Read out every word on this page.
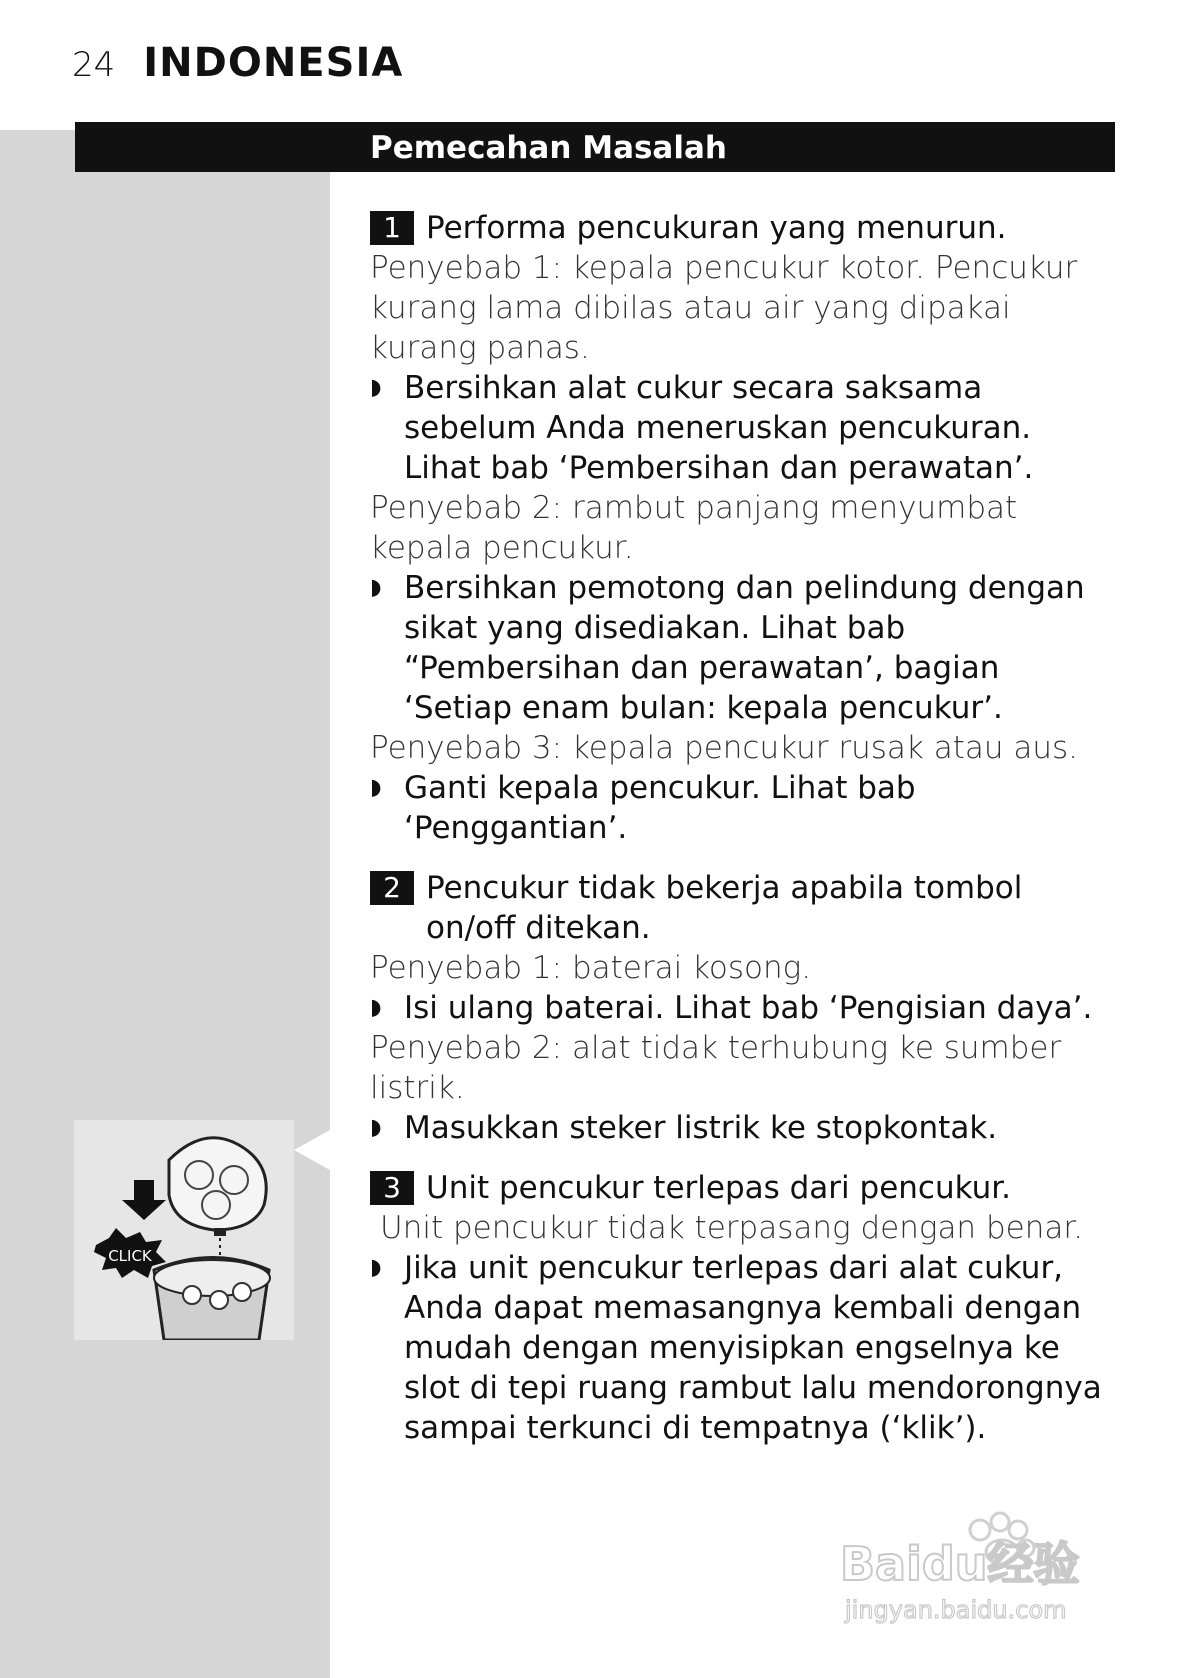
24 INDONESIA
Pemecahan Masalah
1 Performa pencukuran yang menurun.
Penyebab 1: kepala pencukur kotor. Pencukur kurang lama dibilas atau air yang dipakai kurang panas.
◗ Bersihkan alat cukur secara saksama sebelum Anda meneruskan pencukuran. Lihat bab ‘Pembersihan dan perawatan’.
Penyebab 2: rambut panjang menyumbat kepala pencukur.
◗ Bersihkan pemotong dan pelindung dengan sikat yang disediakan. Lihat bab “Pembersihan dan perawatan’, bagian ‘Setiap enam bulan: kepala pencukur’.
Penyebab 3: kepala pencukur rusak atau aus.
◗ Ganti kepala pencukur. Lihat bab ‘Penggantian’.
2 Pencukur tidak bekerja apabila tombol on/off ditekan.
Penyebab 1: baterai kosong.
◗ Isi ulang baterai. Lihat bab ‘Pengisian daya’.
Penyebab 2: alat tidak terhubung ke sumber listrik.
◗ Masukkan steker listrik ke stopkontak.
3 Unit pencukur terlepas dari pencukur.
Unit pencukur tidak terpasang dengan benar.
◗ Jika unit pencukur terlepas dari alat cukur, Anda dapat memasangnya kembali dengan mudah dengan menyisipkan engselnya ke slot di tepi ruang rambut lalu mendorongnya sampai terkunci di tempatnya (‘klik’).
CLICK
Baidu经验
jingyan.baidu.com
